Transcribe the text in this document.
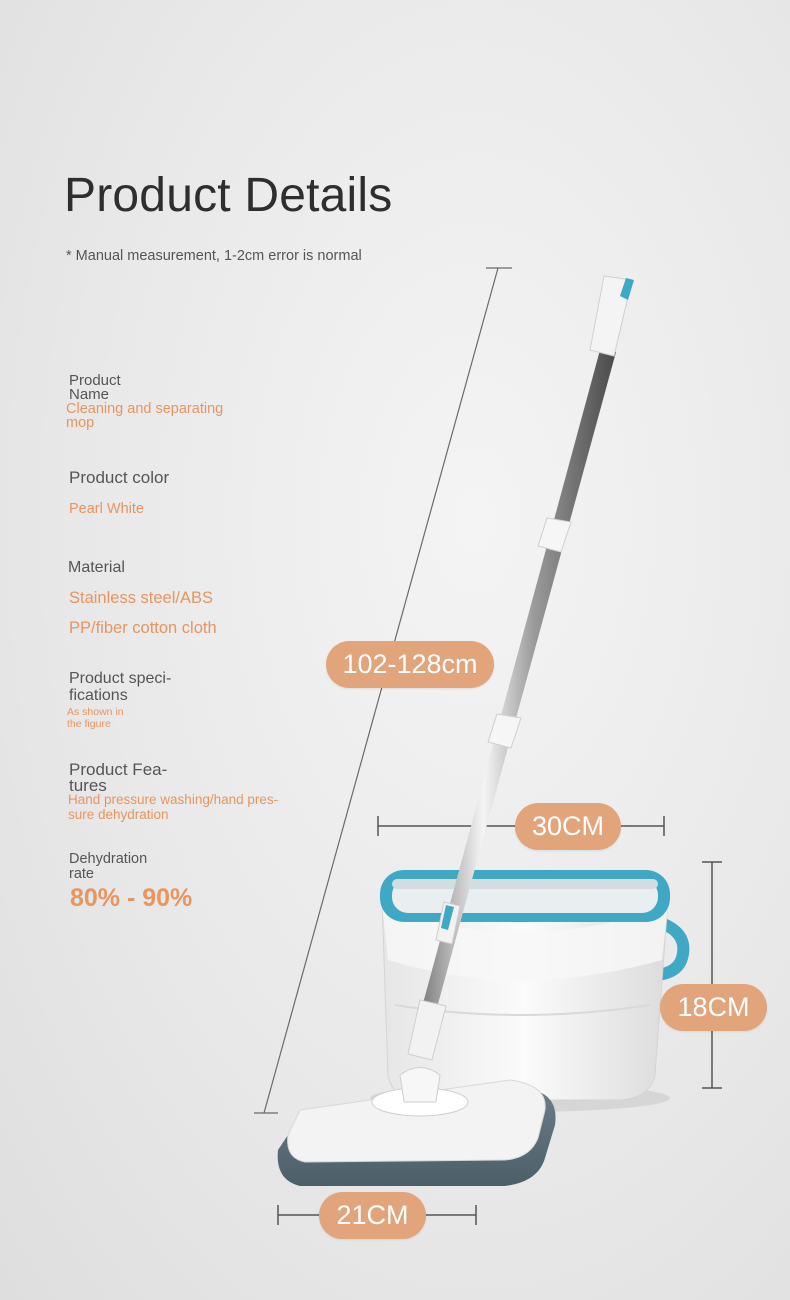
Product Details
* Manual measurement, 1-2cm error is normal
Product
Name
Cleaning and separating
mop
Product color
Pearl White
Material
Stainless steel/ABS
PP/fiber cotton cloth
Product speci-
fications
As shown in
the figure
Product Fea-
tures
Hand pressure washing/hand pres-
sure dehydration
Dehydration
rate
80% - 90%
102-128cm
30CM
18CM
21CM
